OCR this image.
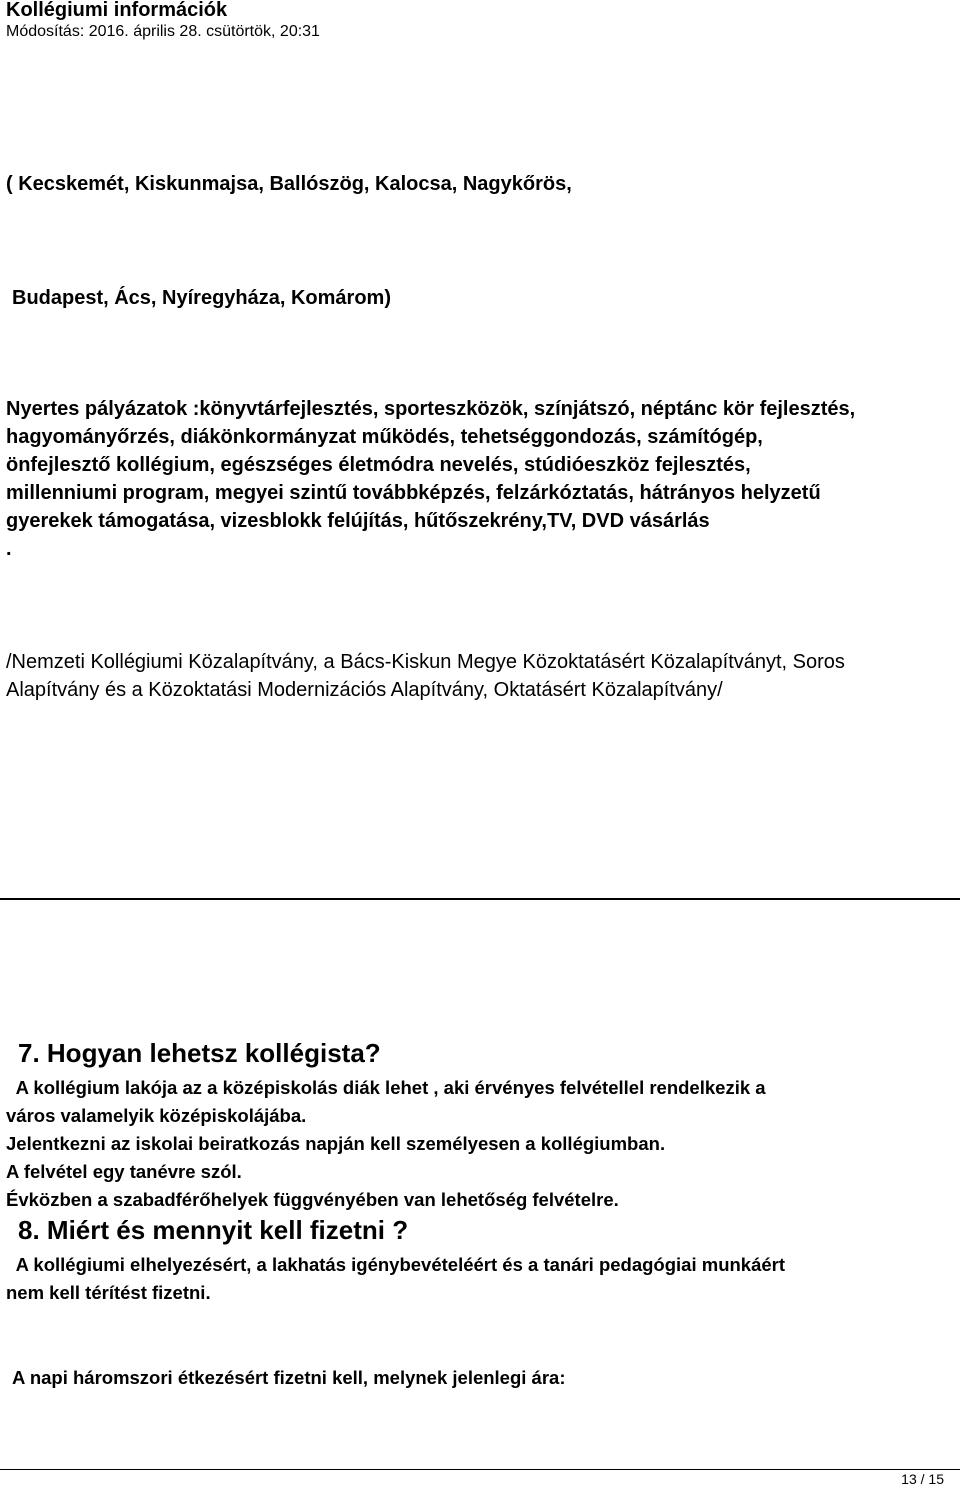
Kollégiumi információk
Módosítás: 2016. április 28. csütörtök, 20:31
( Kecskemét, Kiskunmajsa, Ballószög, Kalocsa, Nagykőrös,
Budapest, Ács, Nyíregyháza, Komárom)
Nyertes pályázatok :könyvtárfejlesztés, sporteszközök, színjátszó, néptánc kör fejlesztés,
hagyományőrzés, diákönkormányzat működés, tehetséggondozás, számítógép,
önfejlesztő kollégium, egészséges életmódra nevelés, stúdióeszköz fejlesztés,
millenniumi program, megyei szintű továbbképzés, felzárkóztatás, hátrányos helyzetű
gyerekek támogatása, vizesblokk felújítás, hűtőszekrény,TV, DVD vásárlás
.
/Nemzeti Kollégiumi Közalapítvány, a Bács-Kiskun Megye Közoktatásért Közalapítványt, Soros
Alapítvány és a Közoktatási Modernizációs Alapítvány, Oktatásért Közalapítvány/
7. Hogyan lehetsz kollégista?
A kollégium lakója az a középiskolás diák lehet , aki érvényes felvétellel rendelkezik a
város valamelyik középiskolájába.
Jelentkezni az iskolai beiratkozás napján kell személyesen a kollégiumban.
A felvétel egy tanévre szól.
Évközben a szabadférőhelyek függvényében van lehetőség felvételre.
8. Miért és mennyit kell fizetni ?
A kollégiumi elhelyezésért, a lakhatás igénybevételéért és a tanári pedagógiai munkáért
nem kell térítést fizetni.
A napi háromszori étkezésért fizetni kell, melynek jelenlegi ára:
13 / 15
